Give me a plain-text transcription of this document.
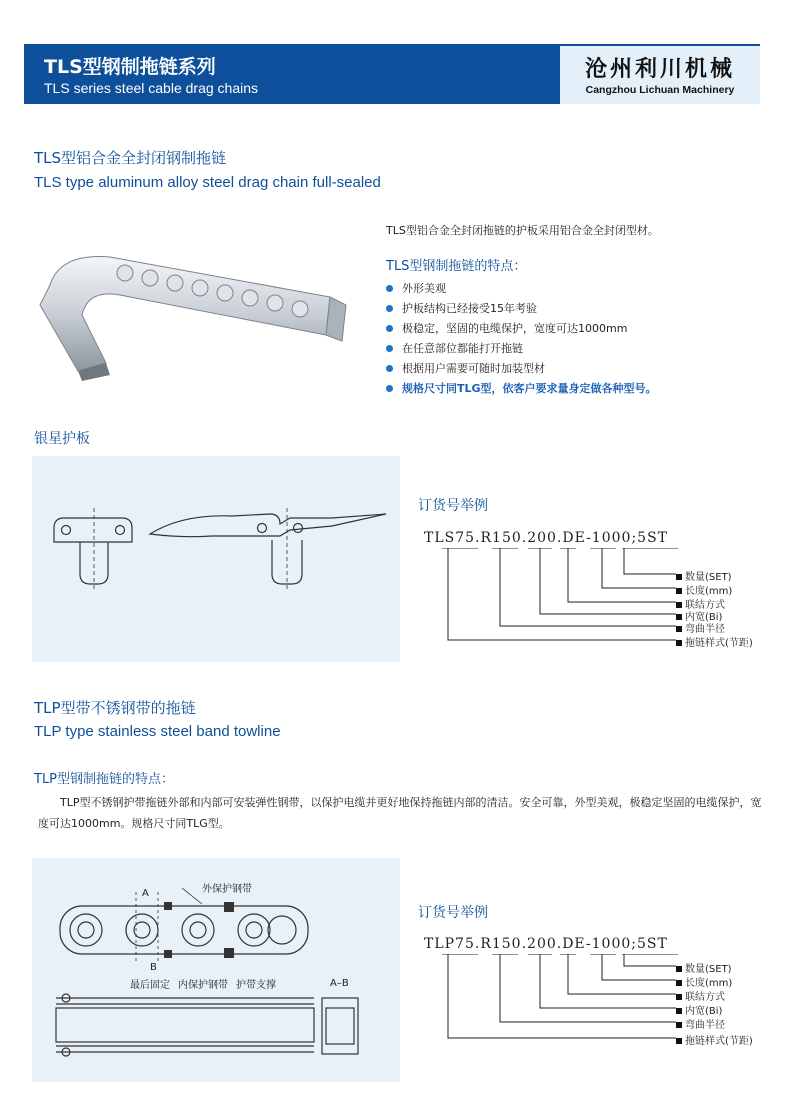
TLS型钢制拖链系列
TLS series steel cable drag chains
沧州利川机械
Cangzhou Lichuan Machinery
TLS型铝合金全封闭钢制拖链
TLS type aluminum alloy steel drag chain full-sealed
TLS型铝合金全封闭拖链的护板采用铝合金全封闭型材。
TLS型钢制拖链的特点：
外形美观
护板结构已经接受15年考验
极稳定，坚固的电缆保护，宽度可达1000mm
在任意部位都能打开拖链
根据用户需要可随时加装型材
规格尺寸同TLG型，依客户要求量身定做各种型号。
银星护板
订货号举例
TLS75.R150.200.DE-1000;5ST
数量(SET)
长度(mm)
联结方式
内宽(Bi)
弯曲半径
拖链样式(节距)
TLP型带不锈钢带的拖链
TLP type stainless steel band towline
TLP型钢制拖链的特点：
TLP型不锈钢护带拖链外部和内部可安装弹性钢带，以保护电缆并更好地保持拖链内部的清洁。安全可靠，外型美观，极稳定坚固的电缆保护，宽度可达1000mm。规格尺寸同TLG型。
外保护钢带
A
B
最后固定 内保护钢带 护带支撑	A–B
订货号举例
TLP75.R150.200.DE-1000;5ST
数量(SET)
长度(mm)
联结方式
内宽(Bi)
弯曲半径
拖链样式(节距)
